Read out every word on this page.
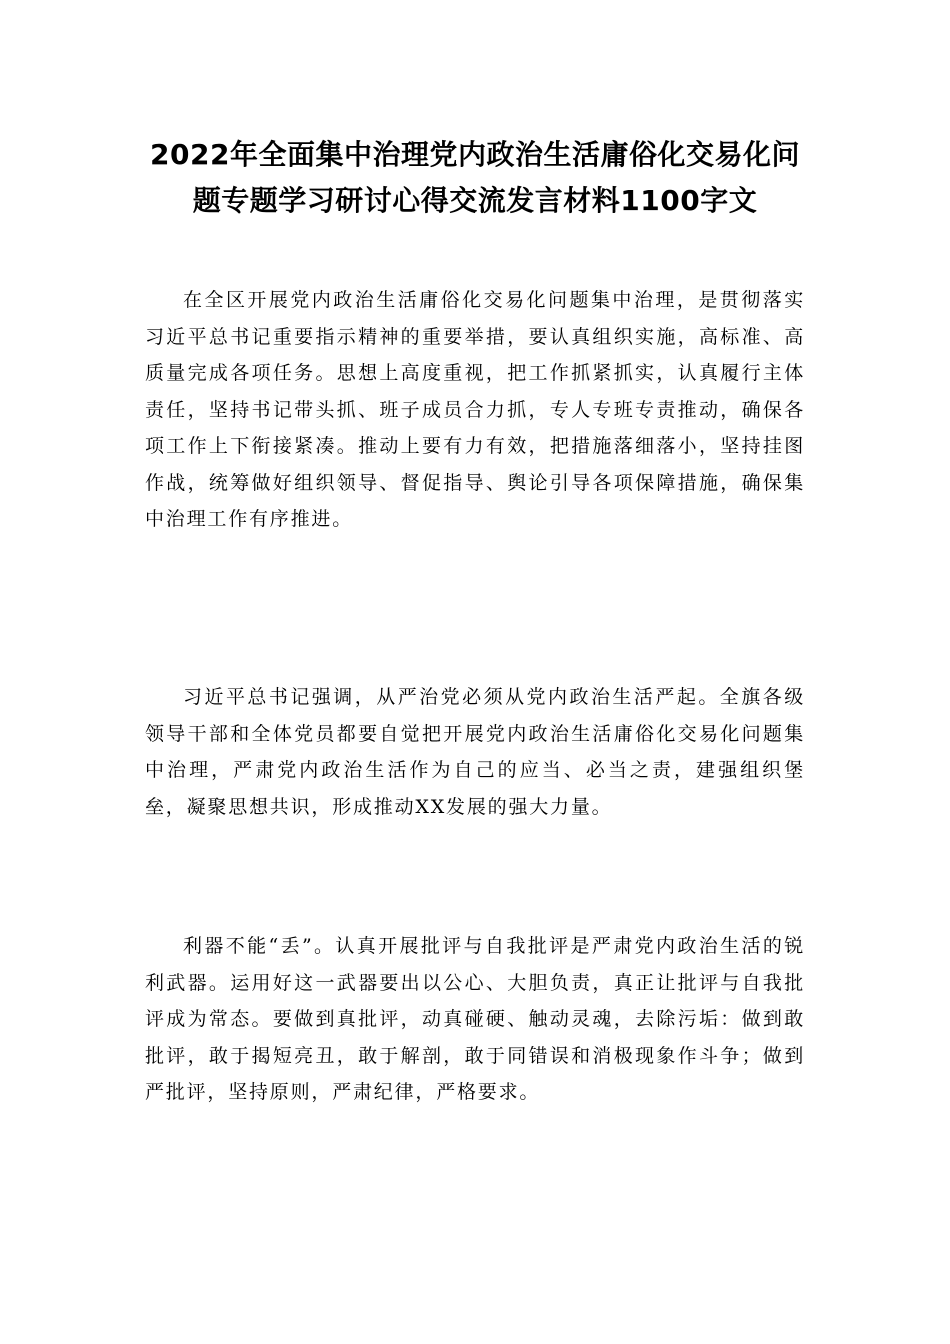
2022年全面集中治理党内政治生活庸俗化交易化问
题专题学习研讨心得交流发言材料1100字文

在全区开展党内政治生活庸俗化交易化问题集中治理，是贯彻落实习近平总书记重要指示精神的重要举措，要认真组织实施，高标准、高质量完成各项任务。思想上高度重视，把工作抓紧抓实，认真履行主体责任，坚持书记带头抓、班子成员合力抓，专人专班专责推动，确保各项工作上下衔接紧凑。推动上要有力有效，把措施落细落小，坚持挂图作战，统筹做好组织领导、督促指导、舆论引导各项保障措施，确保集中治理工作有序推进。

习近平总书记强调，从严治党必须从党内政治生活严起。全旗各级领导干部和全体党员都要自觉把开展党内政治生活庸俗化交易化问题集中治理，严肃党内政治生活作为自己的应当、必当之责，建强组织堡垒，凝聚思想共识，形成推动XX发展的强大力量。

利器不能“丢”。认真开展批评与自我批评是严肃党内政治生活的锐利武器。运用好这一武器要出以公心、大胆负责，真正让批评与自我批评成为常态。要做到真批评，动真碰硬、触动灵魂，去除污垢：做到敢批评，敢于揭短亮丑，敢于解剖，敢于同错误和消极现象作斗争；做到严批评，坚持原则，严肃纪律，严格要求。
